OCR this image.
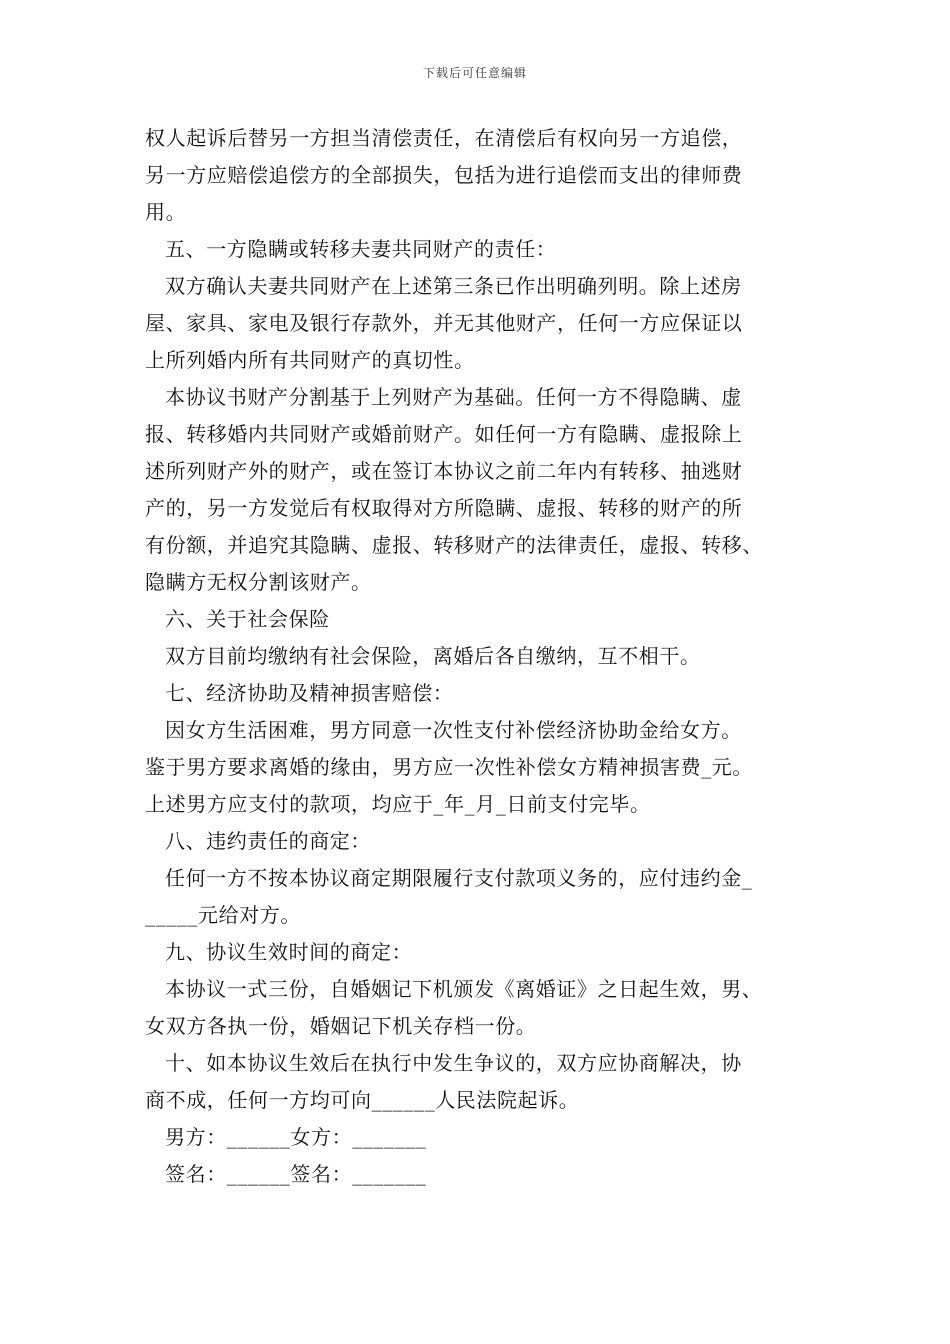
下载后可任意编辑
权人起诉后替另一方担当清偿责任，在清偿后有权向另一方追偿，
另一方应赔偿追偿方的全部损失，包括为进行追偿而支出的律师费
用。
五、一方隐瞒或转移夫妻共同财产的责任：
双方确认夫妻共同财产在上述第三条已作出明确列明。除上述房
屋、家具、家电及银行存款外，并无其他财产，任何一方应保证以
上所列婚内所有共同财产的真切性。
本协议书财产分割基于上列财产为基础。任何一方不得隐瞒、虚
报、转移婚内共同财产或婚前财产。如任何一方有隐瞒、虚报除上
述所列财产外的财产，或在签订本协议之前二年内有转移、抽逃财
产的，另一方发觉后有权取得对方所隐瞒、虚报、转移的财产的所
有份额，并追究其隐瞒、虚报、转移财产的法律责任，虚报、转移、
隐瞒方无权分割该财产。
六、关于社会保险
双方目前均缴纳有社会保险，离婚后各自缴纳，互不相干。
七、经济协助及精神损害赔偿：
因女方生活困难，男方同意一次性支付补偿经济协助金给女方。
鉴于男方要求离婚的缘由，男方应一次性补偿女方精神损害费_元。
上述男方应支付的款项，均应于_年_月_日前支付完毕。
八、违约责任的商定：
任何一方不按本协议商定期限履行支付款项义务的，应付违约金_
_____元给对方。
九、协议生效时间的商定：
本协议一式三份，自婚姻记下机颁发《离婚证》之日起生效，男、
女双方各执一份，婚姻记下机关存档一份。
十、如本协议生效后在执行中发生争议的，双方应协商解决，协
商不成，任何一方均可向______人民法院起诉。
男方：______女方：_______
签名：______签名：_______
